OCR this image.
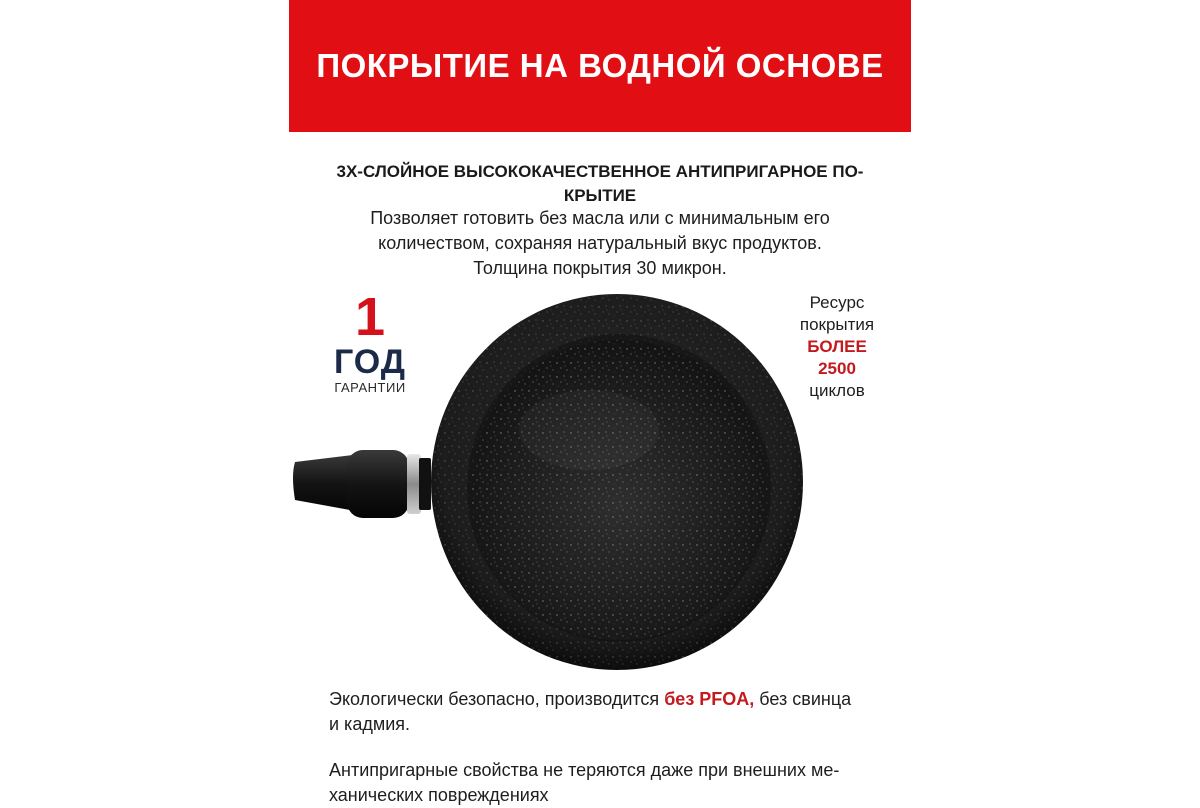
ПОКРЫТИЕ НА ВОДНОЙ ОСНОВЕ
3Х-СЛОЙНОЕ ВЫСОКОКАЧЕСТВЕННОЕ АНТИПРИГАРНОЕ ПО-
КРЫТИЕ
Позволяет готовить без масла или с минимальным его
количеством, сохраняя натуральный вкус продуктов.
Толщина покрытия 30 микрон.
1
ГОД
ГАРАНТИИ
Ресурс
покрытия
БОЛЕЕ
2500
циклов
Экологически безопасно, производится без PFOA, без свинца
и кадмия.
Антипригарные свойства не теряются даже при внешних ме-
ханических повреждениях
